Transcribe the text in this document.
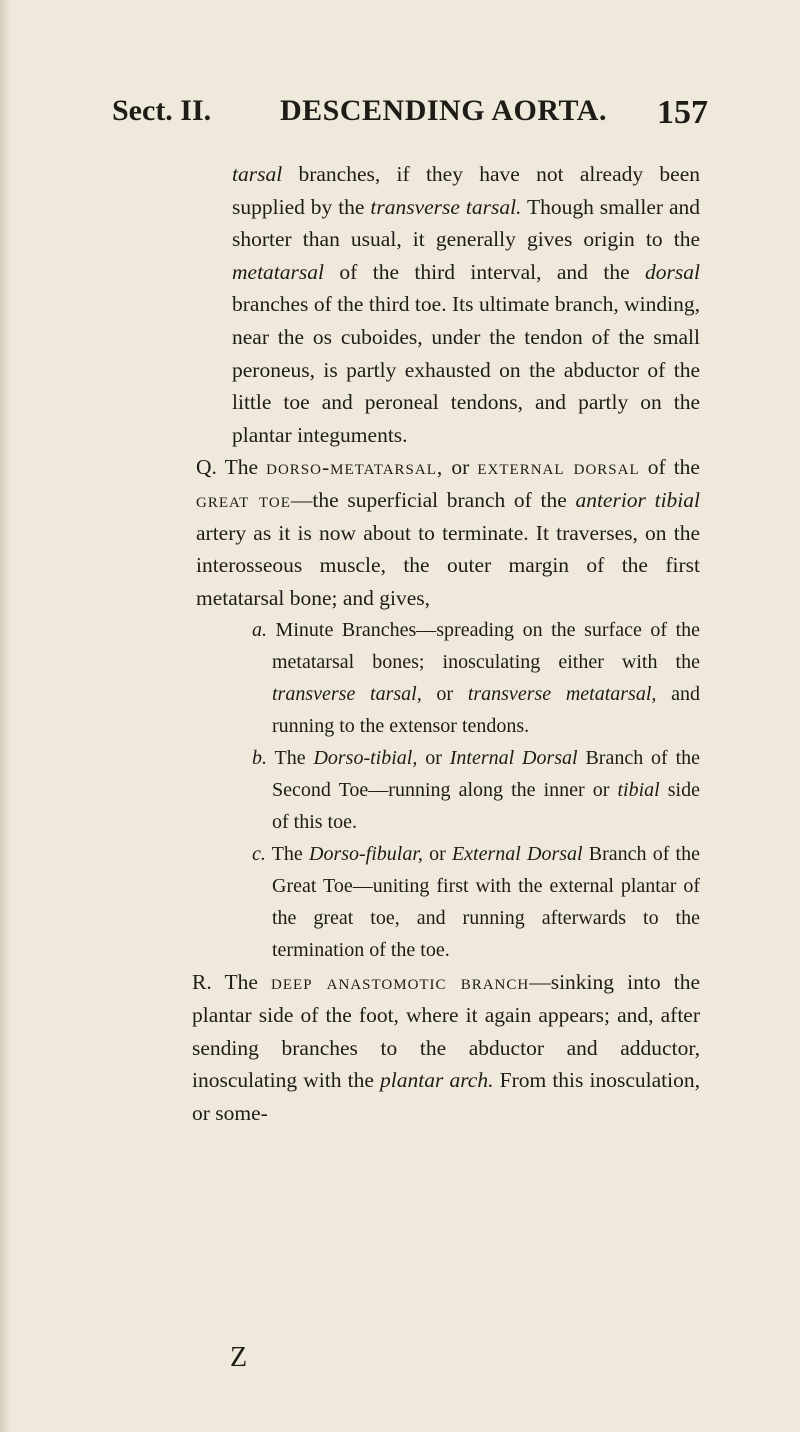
Sect. II. DESCENDING AORTA. 157

tarsal branches, if they have not already been supplied by the transverse tarsal. Though smaller and shorter than usual, it generally gives origin to the metatarsal of the third interval, and the dorsal branches of the third toe. Its ultimate branch, winding, near the os cuboides, under the tendon of the small peroneus, is partly exhausted on the abductor of the little toe and peroneal tendons, and partly on the plantar integuments.

Q. The dorso-metatarsal, or external dorsal of the great toe—the superficial branch of the anterior tibial artery as it is now about to terminate. It traverses, on the interosseous muscle, the outer margin of the first metatarsal bone; and gives,

a. Minute Branches—spreading on the surface of the metatarsal bones; inosculating either with the transverse tarsal, or transverse metatarsal, and running to the extensor tendons.

b. The Dorso-tibial, or Internal Dorsal Branch of the Second Toe—running along the inner or tibial side of this toe.

c. The Dorso-fibular, or External Dorsal Branch of the Great Toe—uniting first with the external plantar of the great toe, and running afterwards to the termination of the toe.

R. The deep anastomotic branch—sinking into the plantar side of the foot, where it again appears; and, after sending branches to the abductor and adductor, inosculating with the plantar arch. From this inosculation, or some-

Z
